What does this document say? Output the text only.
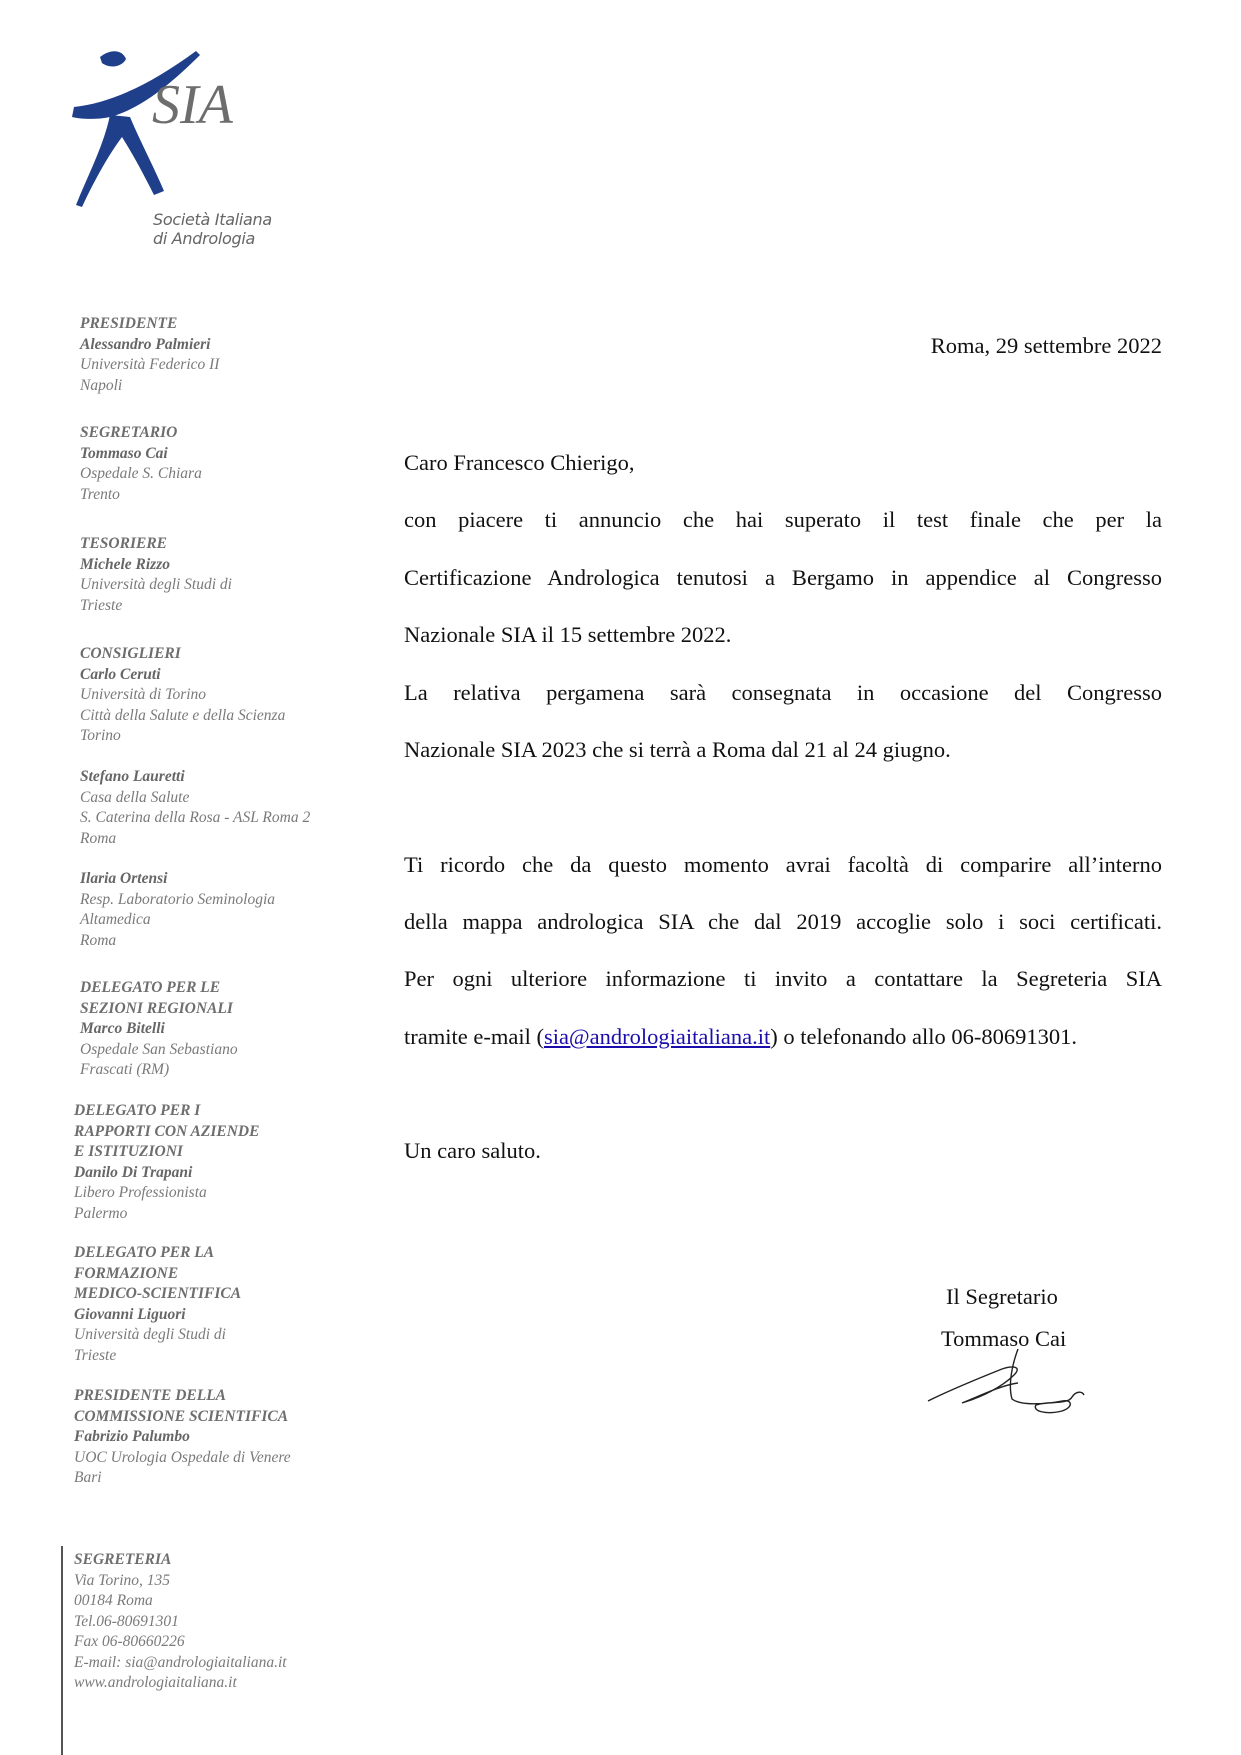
SIA
Società Italiana
di Andrologia
PRESIDENTE
Alessandro Palmieri
Università Federico II
Napoli
SEGRETARIO
Tommaso Cai
Ospedale S. Chiara
Trento
TESORIERE
Michele Rizzo
Università degli Studi di
Trieste
CONSIGLIERI
Carlo Ceruti
Università di Torino
Città della Salute e della Scienza
Torino
Stefano Lauretti
Casa della Salute
S. Caterina della Rosa - ASL Roma 2
Roma
Ilaria Ortensi
Resp. Laboratorio Seminologia
Altamedica
Roma
DELEGATO PER LE
SEZIONI REGIONALI
Marco Bitelli
Ospedale San Sebastiano
Frascati (RM)
DELEGATO PER I
RAPPORTI CON AZIENDE
E ISTITUZIONI
Danilo Di Trapani
Libero Professionista
Palermo
DELEGATO PER LA
FORMAZIONE
MEDICO-SCIENTIFICA
Giovanni Liguori
Università degli Studi di
Trieste
PRESIDENTE DELLA
COMMISSIONE SCIENTIFICA
Fabrizio Palumbo
UOC Urologia Ospedale di Venere
Bari
SEGRETERIA
Via Torino, 135
00184 Roma
Tel.06-80691301
Fax 06-80660226
E-mail: sia@andrologiaitaliana.it
www.andrologiaitaliana.it
Roma, 29 settembre 2022
Caro Francesco Chierigo,
con piacere ti annuncio che hai superato il test finale che per la
Certificazione Andrologica tenutosi a Bergamo in appendice al Congresso
Nazionale SIA il 15 settembre 2022.
La relativa pergamena sarà consegnata in occasione del Congresso
Nazionale SIA 2023 che si terrà a Roma dal 21 al 24 giugno.
Ti ricordo che da questo momento avrai facoltà di comparire all’interno
della mappa andrologica SIA che dal 2019 accoglie solo i soci certificati.
Per ogni ulteriore informazione ti invito a contattare la Segreteria SIA
tramite e-mail (sia@andrologiaitaliana.it) o telefonando allo 06-80691301.
Un caro saluto.
Il Segretario
Tommaso Cai
